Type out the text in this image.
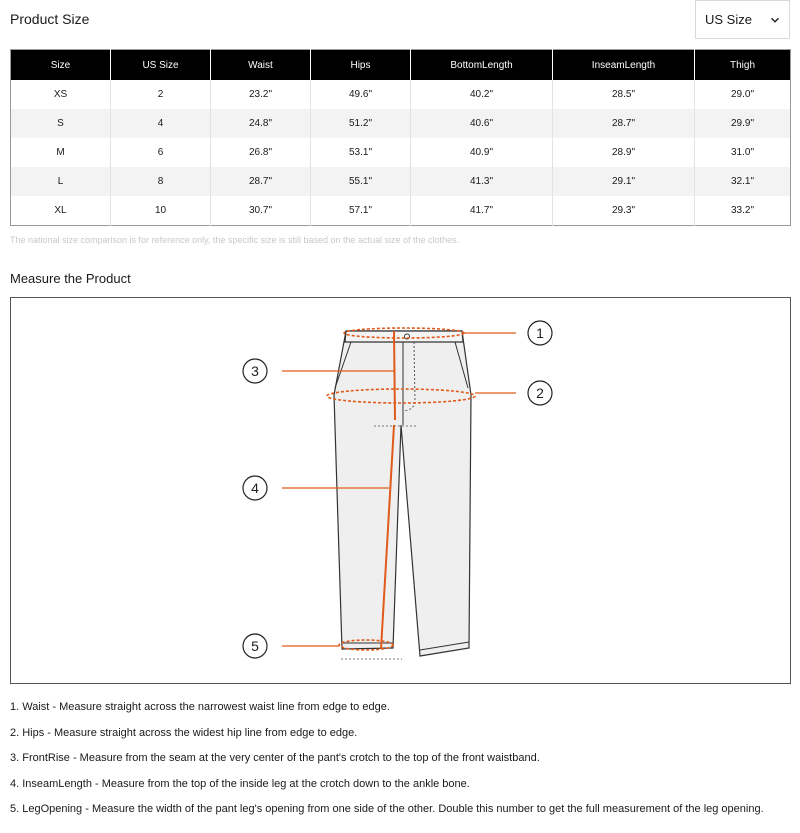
Product Size	US Size
Size	US Size	Waist	Hips	BottomLength	InseamLength	Thigh
XS	2	23.2"	49.6"	40.2"	28.5"	29.0"
S	4	24.8"	51.2"	40.6"	28.7"	29.9"
M	6	26.8"	53.1"	40.9"	28.9"	31.0"
L	8	28.7"	55.1"	41.3"	29.1"	32.1"
XL	10	30.7"	57.1"	41.7"	29.3"	33.2"

The national size comparison is for reference only, the specific size is still based on the actual size of the clothes.

Measure the Product
1
2
3
4
5
1. Waist - Measure straight across the narrowest waist line from edge to edge.
2. Hips - Measure straight across the widest hip line from edge to edge.
3. FrontRise - Measure from the seam at the very center of the pant's crotch to the top of the front waistband.
4. InseamLength - Measure from the top of the inside leg at the crotch down to the ankle bone.
5. LegOpening - Measure the width of the pant leg's opening from one side of the other. Double this number to get the full measurement of the leg opening.
